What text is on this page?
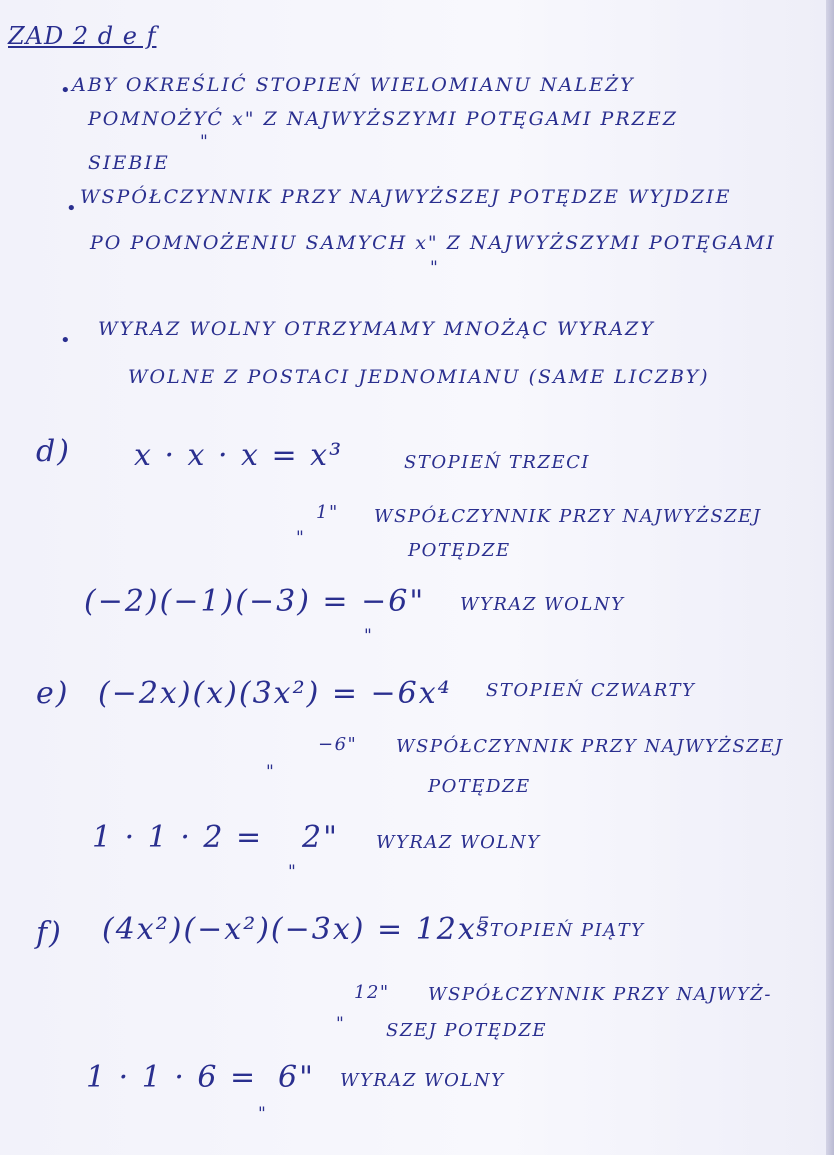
ZAD 2 d e f
• ABY OKREŚLIĆ STOPIEŃ WIELOMIANU NALEŻY
POMNOŻYĆ x" Z NAJWYŻSZYMI POTĘGAMI PRZEZ
"
SIEBIE
•
WSPÓŁCZYNNIK PRZY NAJWYŻSZEJ POTĘDZE WYJDZIE
PO POMNOŻENIU SAMYCH x" Z NAJWYŻSZYMI POTĘGAMI
"
•
WYRAZ WOLNY OTRZYMAMY MNOŻĄC WYRAZY
WOLNE Z POSTACI JEDNOMIANU (SAME LICZBY)
d) x · x · x = x³	STOPIEŃ TRZECI
1"
"
WSPÓŁCZYNNIK PRZY NAJWYŻSZEJ
POTĘDZE
(−2)(−1)(−3) = −6"
"
WYRAZ WOLNY
e) (−2x)(x)(3x²) = −6x⁴ STOPIEŃ CZWARTY
−6" WSPÓŁCZYNNIK PRZY NAJWYŻSZEJ
"
POTĘDZE
1 · 1 · 2 = 2"
"
WYRAZ WOLNY
f) (4x²)(−x²)(−3x) = 12x⁵
STOPIEŃ PIĄTY
12" WSPÓŁCZYNNIK PRZY NAJWYŻ-
" SZEJ POTĘDZE
1 · 1 · 6 = 6"
"
WYRAZ WOLNY
